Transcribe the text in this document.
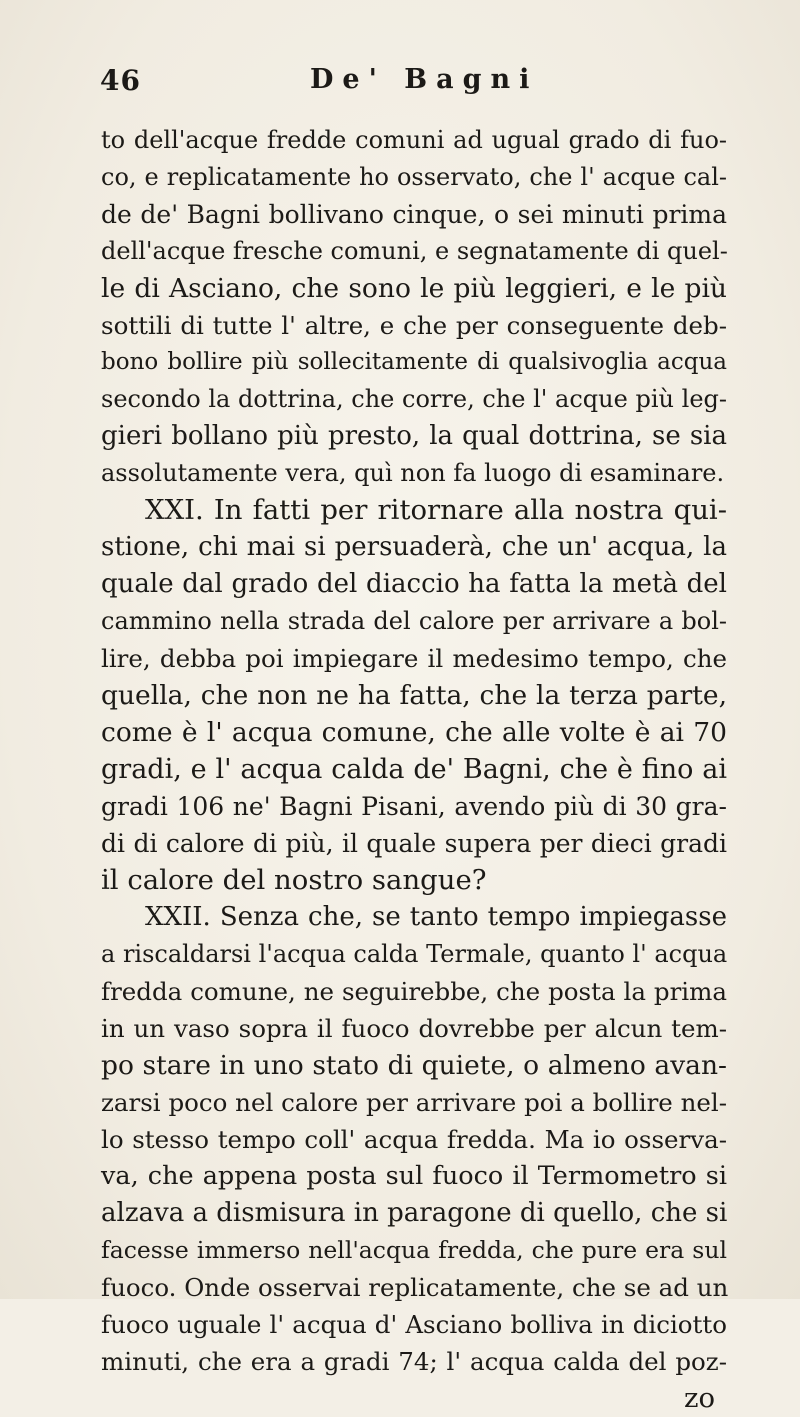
46	De' Bagni
to dell'acque fredde comuni ad ugual grado di fuo-
co, e replicatamente ho osservato, che l' acque cal-
de de' Bagni bollivano cinque, o sei minuti prima
dell'acque fresche comuni, e segnatamente di quel-
le di Asciano, che sono le più leggieri, e le più
sottili di tutte l' altre, e che per conseguente deb-
bono bollire più sollecitamente di qualsivoglia acqua
secondo la dottrina, che corre, che l' acque più leg-
gieri bollano più presto, la qual dottrina, se sia
assolutamente vera, quì non fa luogo di esaminare.
XXI. In fatti per ritornare alla nostra qui-
stione, chi mai si persuaderà, che un' acqua, la
quale dal grado del diaccio ha fatta la metà del
cammino nella strada del calore per arrivare a bol-
lire, debba poi impiegare il medesimo tempo, che
quella, che non ne ha fatta, che la terza parte,
come è l' acqua comune, che alle volte è ai 70
gradi, e l' acqua calda de' Bagni, che è fino ai
gradi 106 ne' Bagni Pisani, avendo più di 30 gra-
di di calore di più, il quale supera per dieci gradi
il calore del nostro sangue?
XXII. Senza che, se tanto tempo impiegasse
a riscaldarsi l'acqua calda Termale, quanto l' acqua
fredda comune, ne seguirebbe, che posta la prima
in un vaso sopra il fuoco dovrebbe per alcun tem-
po stare in uno stato di quiete, o almeno avan-
zarsi poco nel calore per arrivare poi a bollire nel-
lo stesso tempo coll' acqua fredda. Ma io osserva-
va, che appena posta sul fuoco il Termometro si
alzava a dismisura in paragone di quello, che si
facesse immerso nell'acqua fredda, che pure era sul
fuoco. Onde osservai replicatamente, che se ad un
fuoco uguale l' acqua d' Asciano bolliva in diciotto
minuti, che era a gradi 74; l' acqua calda del poz-
zo
